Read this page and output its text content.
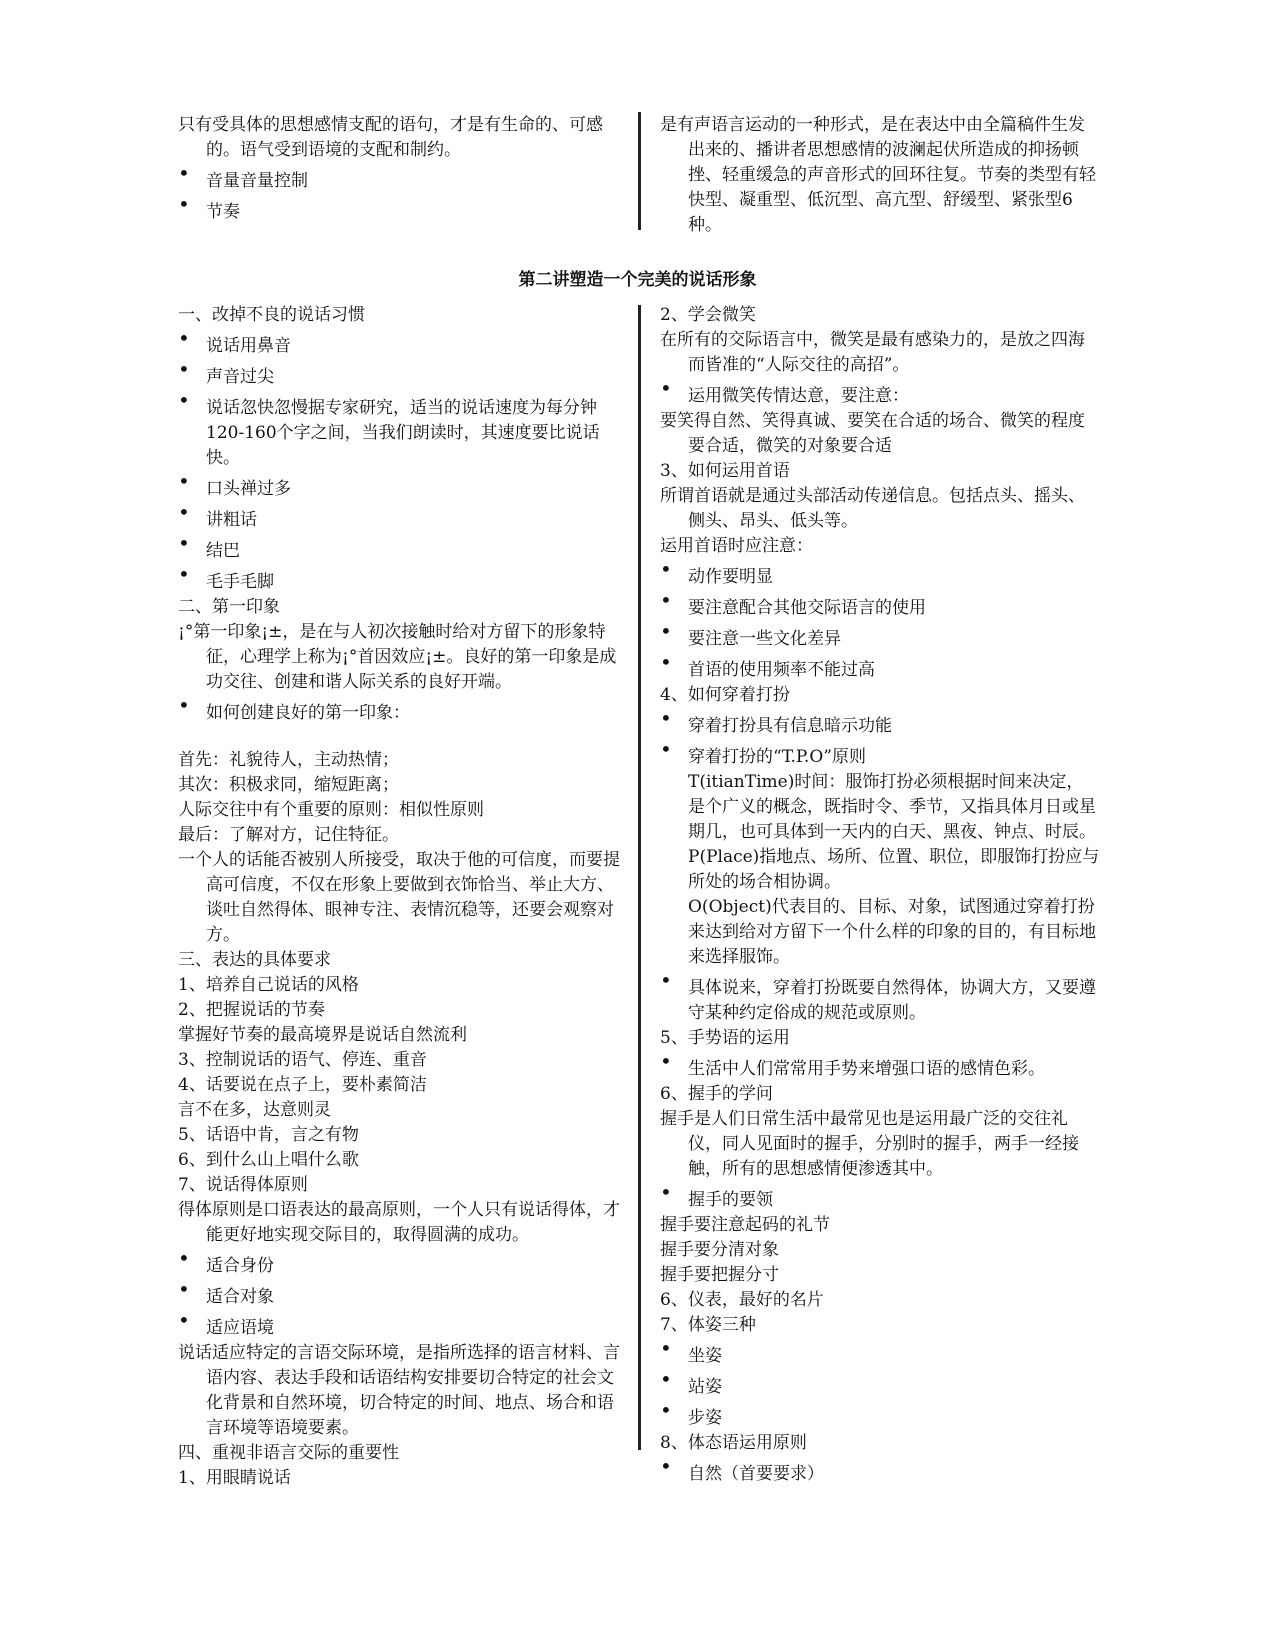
只有受具体的思想感情支配的语句，才是有生命的、可感的。语气受到语境的支配和制约。
• 音量音量控制
• 节奏
是有声语言运动的一种形式，是在表达中由全篇稿件生发出来的、播讲者思想感情的波澜起伏所造成的抑扬顿挫、轻重缓急的声音形式的回环往复。节奏的类型有轻快型、凝重型、低沉型、高亢型、舒缓型、紧张型6种。
第二讲塑造一个完美的说话形象
一、改掉不良的说话习惯
• 说话用鼻音
• 声音过尖
• 说话忽快忽慢据专家研究，适当的说话速度为每分钟120-160个字之间，当我们朗读时，其速度要比说话快。
• 口头禅过多
• 讲粗话
• 结巴
• 毛手毛脚
二、第一印象
¡°第一印象¡±，是在与人初次接触时给对方留下的形象特征，心理学上称为¡°首因效应¡±。良好的第一印象是成功交往、创建和谐人际关系的良好开端。
• 如何创建良好的第一印象：
首先：礼貌待人，主动热情；
其次：积极求同，缩短距离；
人际交往中有个重要的原则：相似性原则
最后：了解对方，记住特征。
一个人的话能否被别人所接受，取决于他的可信度，而要提高可信度，不仅在形象上要做到衣饰恰当、举止大方、谈吐自然得体、眼神专注、表情沉稳等，还要会观察对方。
三、表达的具体要求
1、培养自己说话的风格
2、把握说话的节奏
掌握好节奏的最高境界是说话自然流利
3、控制说话的语气、停连、重音
4、话要说在点子上，要朴素简洁
言不在多，达意则灵
5、话语中肯，言之有物
6、到什么山上唱什么歌
7、说话得体原则
得体原则是口语表达的最高原则，一个人只有说话得体，才能更好地实现交际目的，取得圆满的成功。
• 适合身份
• 适合对象
• 适应语境
说话适应特定的言语交际环境，是指所选择的语言材料、言语内容、表达手段和话语结构安排要切合特定的社会文化背景和自然环境，切合特定的时间、地点、场合和语言环境等语境要素。
四、重视非语言交际的重要性
1、用眼睛说话
2、学会微笑
在所有的交际语言中，微笑是最有感染力的，是放之四海而皆准的“人际交往的高招”。
• 运用微笑传情达意，要注意：
要笑得自然、笑得真诚、要笑在合适的场合、微笑的程度要合适，微笑的对象要合适
3、如何运用首语
所谓首语就是通过头部活动传递信息。包括点头、摇头、侧头、昂头、低头等。
运用首语时应注意：
• 动作要明显
• 要注意配合其他交际语言的使用
• 要注意一些文化差异
• 首语的使用频率不能过高
4、如何穿着打扮
• 穿着打扮具有信息暗示功能
• 穿着打扮的“T.P.O”原则
T(itianTime)时间：服饰打扮必须根据时间来决定，是个广义的概念，既指时令、季节，又指具体月日或星期几，也可具体到一天内的白天、黑夜、钟点、时辰。
P(Place)指地点、场所、位置、职位，即服饰打扮应与所处的场合相协调。
O(Object)代表目的、目标、对象，试图通过穿着打扮来达到给对方留下一个什么样的印象的目的，有目标地来选择服饰。
• 具体说来，穿着打扮既要自然得体，协调大方，又要遵守某种约定俗成的规范或原则。
5、手势语的运用
• 生活中人们常常用手势来增强口语的感情色彩。
6、握手的学问
握手是人们日常生活中最常见也是运用最广泛的交往礼仪，同人见面时的握手，分别时的握手，两手一经接触，所有的思想感情便渗透其中。
• 握手的要领
握手要注意起码的礼节
握手要分清对象
握手要把握分寸
6、仪表，最好的名片
7、体姿三种
• 坐姿
• 站姿
• 步姿
8、体态语运用原则
• 自然（首要要求）
